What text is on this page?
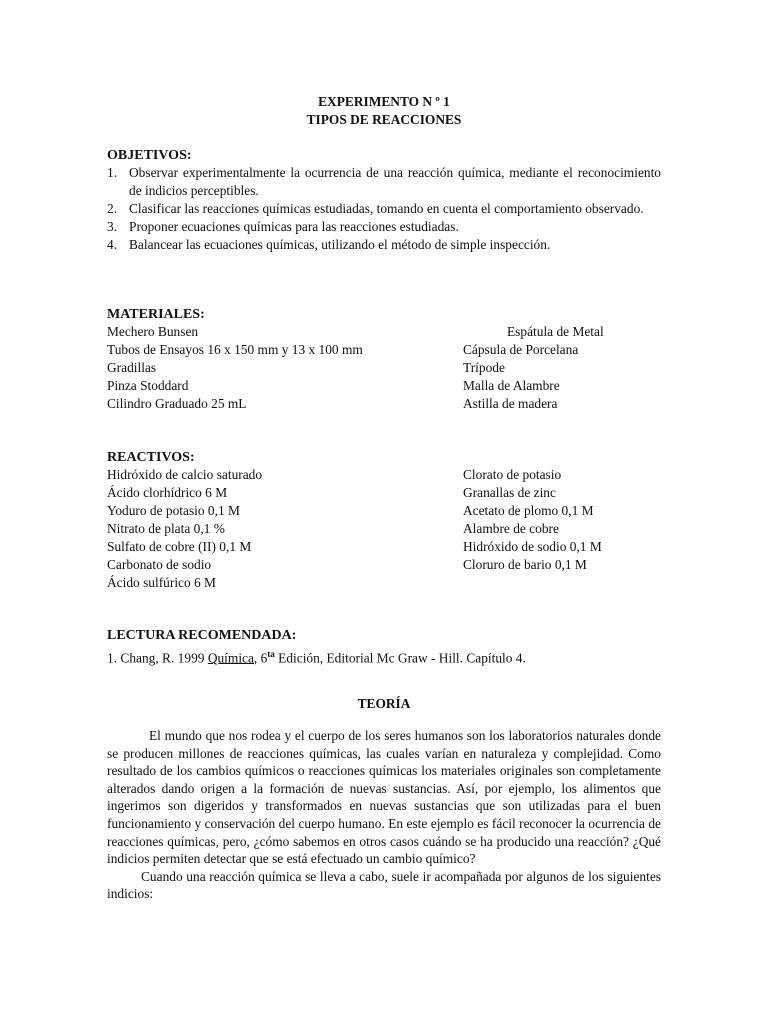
EXPERIMENTO N º 1
TIPOS DE REACCIONES
OBJETIVOS:
1. Observar experimentalmente la ocurrencia de una reacción química, mediante el reconocimiento de indicios perceptibles.
2. Clasificar las reacciones químicas estudiadas, tomando en cuenta el comportamiento observado.
3. Proponer ecuaciones químicas para las reacciones estudiadas.
4. Balancear las ecuaciones químicas, utilizando el método de simple inspección.
MATERIALES:
Mechero Bunsen
Tubos de Ensayos 16 x 150 mm y 13 x 100 mm
Gradillas
Pinza Stoddard
Cilindro Graduado 25 mL
Espátula de Metal
Cápsula de Porcelana
Trípode
Malla de Alambre
Astilla de madera
REACTIVOS:
Hidróxido de calcio saturado
Ácido clorhídrico 6 M
Yoduro de potasio 0,1 M
Nitrato de plata 0,1 %
Sulfato de cobre (II) 0,1 M
Carbonato de sodio
Ácido sulfúrico 6 M
Clorato de potasio
Granallas de zinc
Acetato de plomo 0,1 M
Alambre de cobre
Hidróxido de sodio 0,1 M
Cloruro de bario 0,1 M
LECTURA RECOMENDADA:
1. Chang, R. 1999 Química, $6^{ta}$ Edición, Editorial Mc Graw - Hill. Capítulo 4.
TEORÍA

El mundo que nos rodea y el cuerpo de los seres humanos son los laboratorios naturales donde se producen millones de reacciones químicas, las cuales varían en naturaleza y complejidad. Como resultado de los cambios químicos o reacciones químicas los materiales originales son completamente alterados dando origen a la formación de nuevas sustancias. Así, por ejemplo, los alimentos que ingerimos son digeridos y transformados en nuevas sustancias que son utilizadas para el buen funcionamiento y conservación del cuerpo humano. En este ejemplo es fácil reconocer la ocurrencia de reacciones químicas, pero, ¿cómo sabemos en otros casos cuándo se ha producido una reacción? ¿Qué indicios permiten detectar que se está efectuado un cambio químico?

Cuando una reacción química se lleva a cabo, suele ir acompañada por algunos de los siguientes indicios:
